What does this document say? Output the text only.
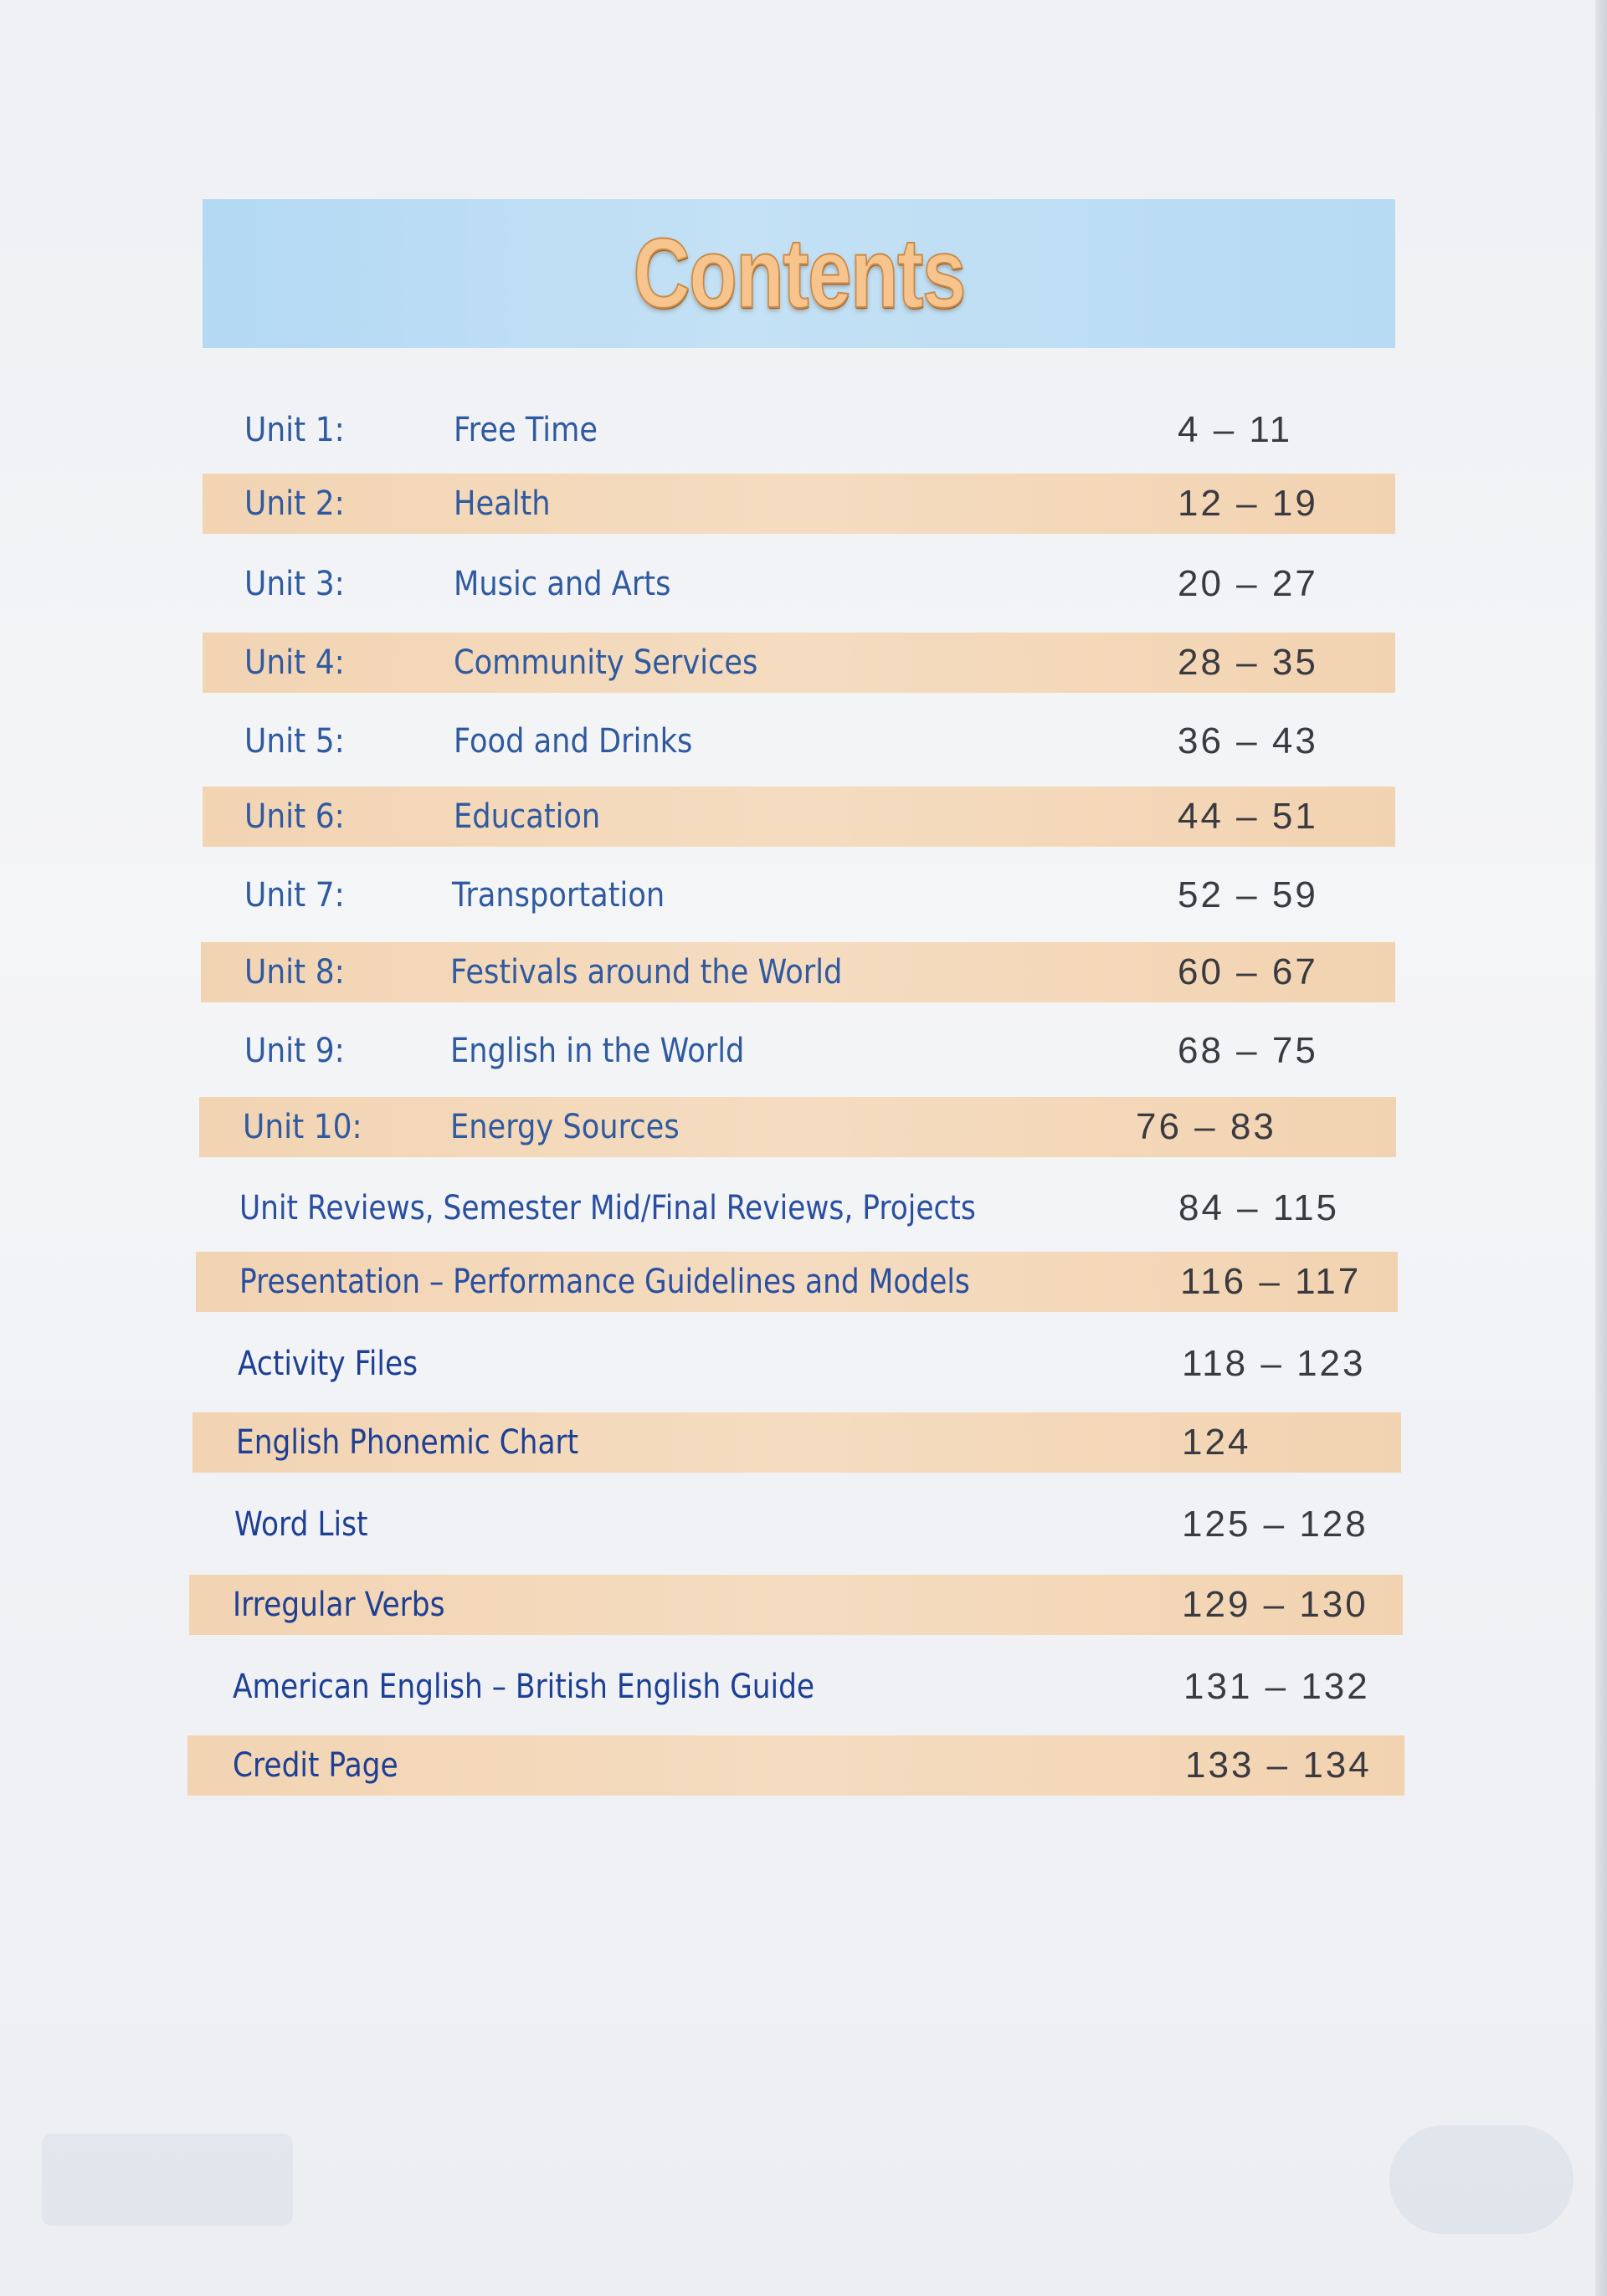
Contents
Unit 1:	Free Time	4 – 11
Unit 2:	Health	12 – 19
Unit 3:	Music and Arts	20 – 27
Unit 4:	Community Services	28 – 35
Unit 5:	Food and Drinks	36 – 43
Unit 6:	Education	44 – 51
Unit 7:	Transportation	52 – 59
Unit 8:	Festivals around the World	60 – 67
Unit 9:	English in the World	68 – 75
Unit 10:	Energy Sources	76 – 83
Unit Reviews, Semester Mid/Final Reviews, Projects	84 – 115
Presentation – Performance Guidelines and Models	116 – 117
Activity Files	118 – 123
English Phonemic Chart	124
Word List	125 – 128
Irregular Verbs	129 – 130
American English – British English Guide	131 – 132
Credit Page	133 – 134
